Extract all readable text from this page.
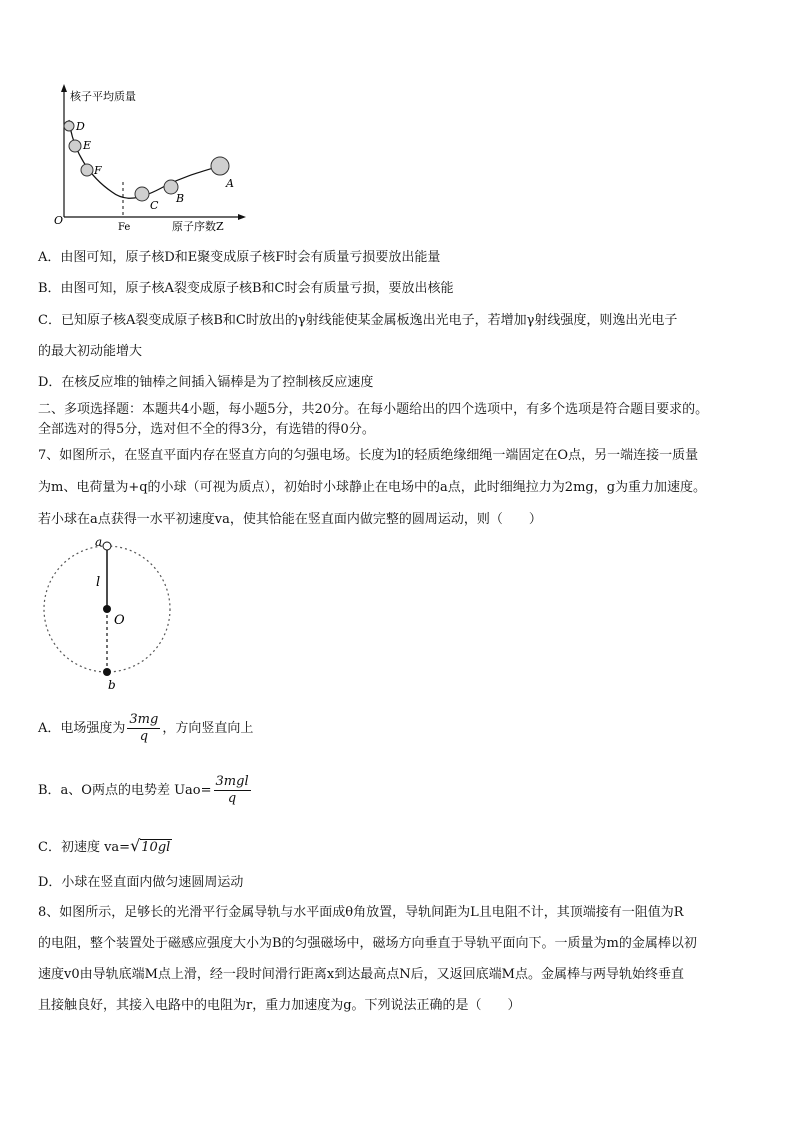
核子平均质量
原子序数Z
O
Fe
D
E
F
C
B
A
A．由图可知，原子核D和E聚变成原子核F时会有质量亏损要放出能量
B．由图可知，原子核A裂变成原子核B和C时会有质量亏损，要放出核能
C．已知原子核A裂变成原子核B和C时放出的γ射线能使某金属板逸出光电子，若增加γ射线强度，则逸出光电子
的最大初动能增大
D．在核反应堆的铀棒之间插入镉棒是为了控制核反应速度
二、多项选择题：本题共4小题，每小题5分，共20分。在每小题给出的四个选项中，有多个选项是符合题目要求的。
全部选对的得5分，选对但不全的得3分，有选错的得0分。
7、如图所示，在竖直平面内存在竖直方向的匀强电场。长度为l的轻质绝缘细绳一端固定在O点，另一端连接一质量
为m、电荷量为+q的小球（可视为质点），初始时小球静止在电场中的a点，此时细绳拉力为2mg，g为重力加速度。
若小球在a点获得一水平初速度va，使其恰能在竖直面内做完整的圆周运动，则（　　）
a
l
O
b
A．电场强度为 $\frac{3mg}{q}$ ，方向竖直向上
B．a、O两点的电势差 $Uao= \frac{\text{3mgl}}{q}$
C．初速度 va=√10gl
D．小球在竖直面内做匀速圆周运动
8、如图所示，足够长的光滑平行金属导轨与水平面成θ角放置，导轨间距为L且电阻不计，其顶端接有一阻值为R
的电阻，整个装置处于磁感应强度大小为B的匀强磁场中，磁场方向垂直于导轨平面向下。一质量为m的金属棒以初
速度v0由导轨底端M点上滑，经一段时间滑行距离x到达最高点N后，又返回底端M点。金属棒与两导轨始终垂直
且接触良好，其接入电路中的电阻为r，重力加速度为g。下列说法正确的是（　　）
